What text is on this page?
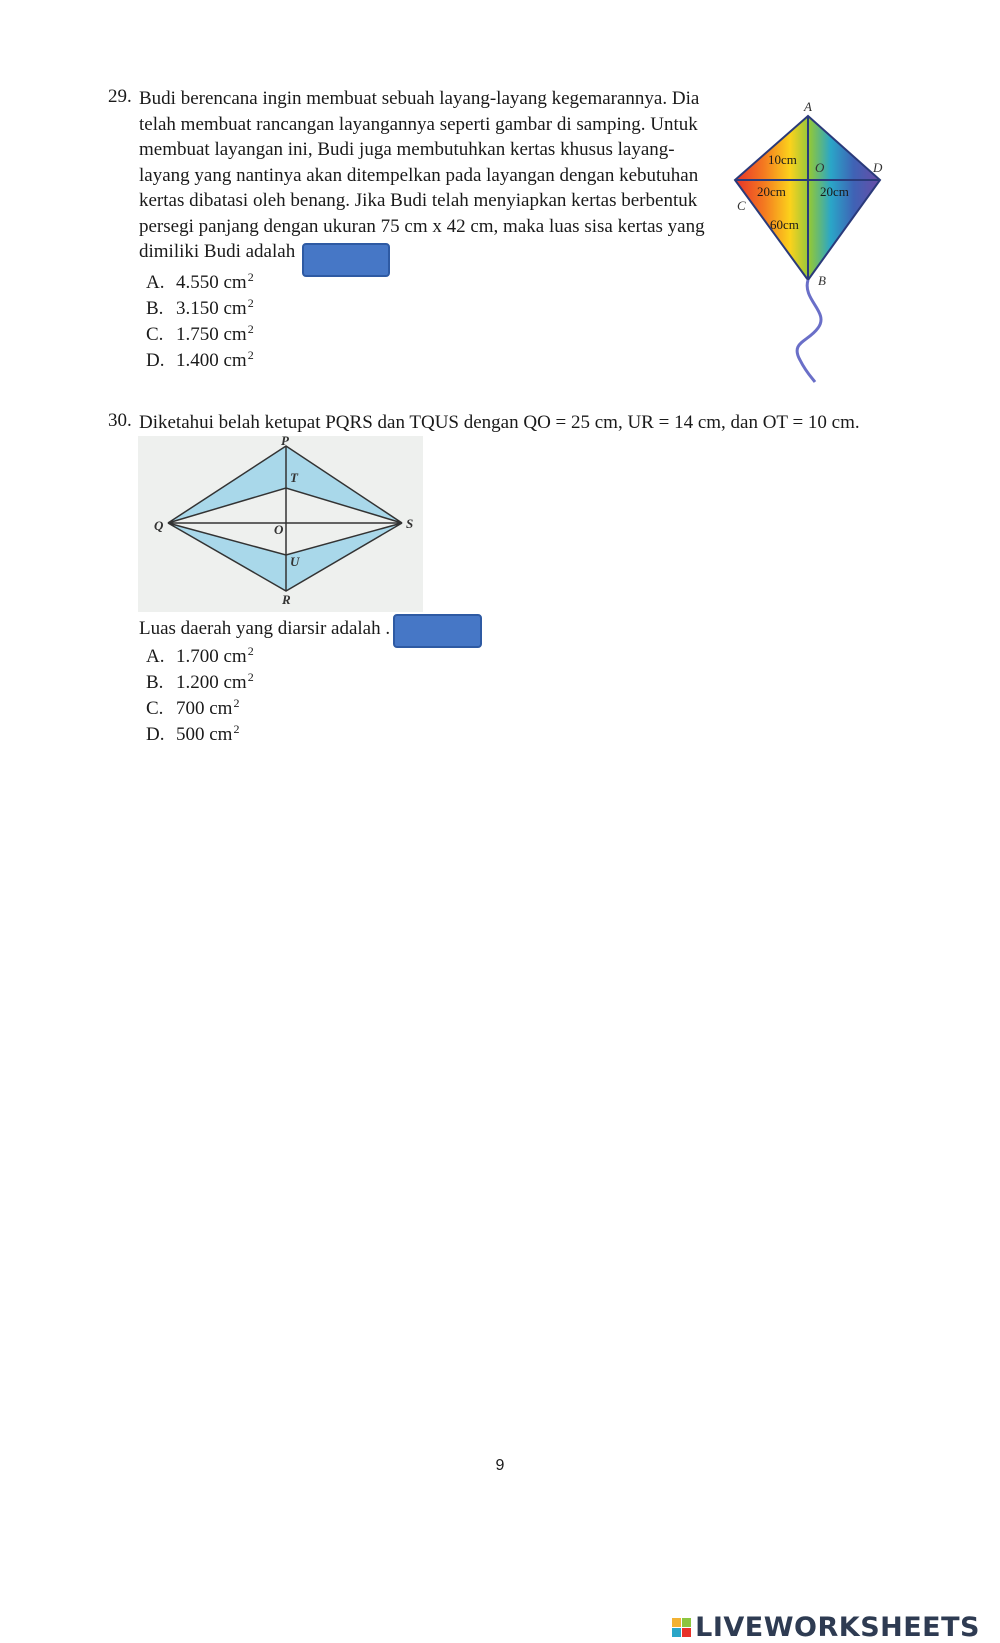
29. Budi berencana ingin membuat sebuah layang-layang kegemarannya. Dia
telah membuat rancangan layangannya seperti gambar di samping. Untuk
membuat layangan ini, Budi juga membutuhkan kertas khusus layang-
layang yang nantinya akan ditempelkan pada layangan dengan kebutuhan
kertas dibatasi oleh benang. Jika Budi telah menyiapkan kertas berbentuk
persegi panjang dengan ukuran 75 cm x 42 cm, maka luas sisa kertas yang
dimiliki Budi adalah
A. 4.550 $cm^2$
B. 3.150 $cm^2$
C. 1.750 $cm^2$
D. 1.400 $cm^2$
A
O	D
C
B
10cm
20cm	20cm
60cm
30. Diketahui belah ketupat PQRS dan TQUS dengan QO = 25 cm, UR = 14 cm, dan OT = 10 cm.
P
T
Q	O	S
U
R
Luas daerah yang diarsir adalah .
A. 1.700 $cm^2$
B. 1.200 $cm^2$
C. 700 $cm^2$
D. 500 $cm^2$
9
LIVEWORKSHEETS
